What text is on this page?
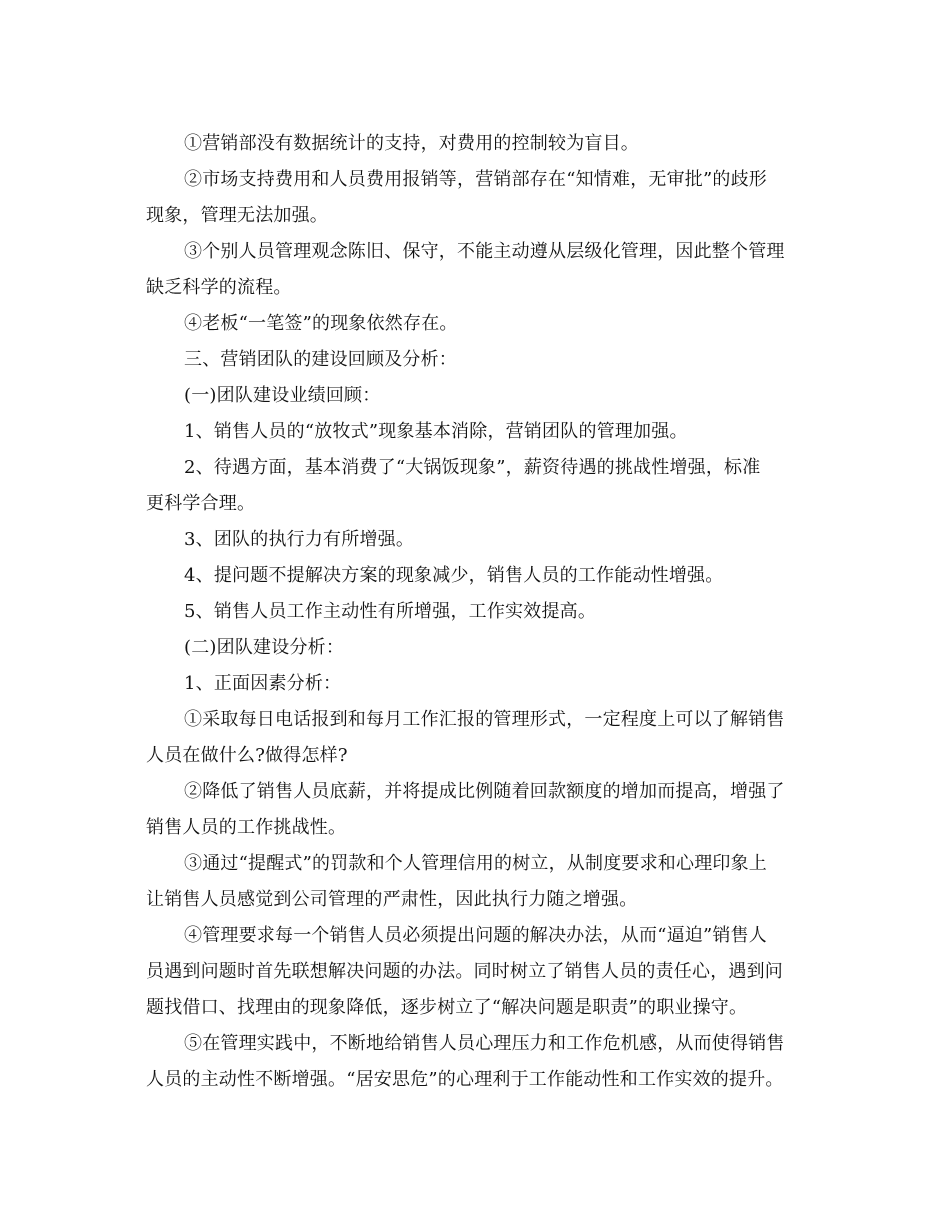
①营销部没有数据统计的支持，对费用的控制较为盲目。
②市场支持费用和人员费用报销等，营销部存在“知情难，无审批”的歧形
现象，管理无法加强。
③个别人员管理观念陈旧、保守，不能主动遵从层级化管理，因此整个管理
缺乏科学的流程。
④老板“一笔签”的现象依然存在。
三、营销团队的建设回顾及分析：
(一)团队建设业绩回顾：
1、销售人员的“放牧式”现象基本消除，营销团队的管理加强。
2、待遇方面，基本消费了“大锅饭现象”，薪资待遇的挑战性增强，标准
更科学合理。
3、团队的执行力有所增强。
4、提问题不提解决方案的现象减少，销售人员的工作能动性增强。
5、销售人员工作主动性有所增强，工作实效提高。
(二)团队建设分析：
1、正面因素分析：
①采取每日电话报到和每月工作汇报的管理形式，一定程度上可以了解销售
人员在做什么?做得怎样?
②降低了销售人员底薪，并将提成比例随着回款额度的增加而提高，增强了
销售人员的工作挑战性。
③通过“提醒式”的罚款和个人管理信用的树立，从制度要求和心理印象上
让销售人员感觉到公司管理的严肃性，因此执行力随之增强。
④管理要求每一个销售人员必须提出问题的解决办法，从而“逼迫”销售人
员遇到问题时首先联想解决问题的办法。同时树立了销售人员的责任心，遇到问
题找借口、找理由的现象降低，逐步树立了“解决问题是职责”的职业操守。
⑤在管理实践中，不断地给销售人员心理压力和工作危机感，从而使得销售
人员的主动性不断增强。“居安思危”的心理利于工作能动性和工作实效的提升。
